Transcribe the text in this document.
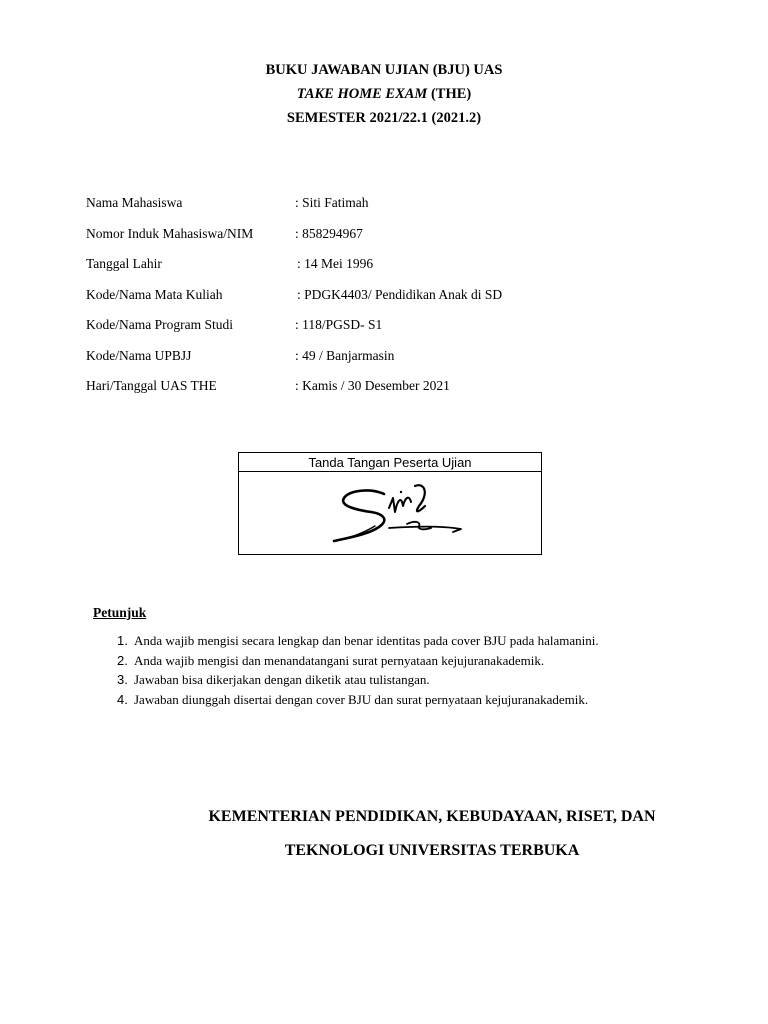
BUKU JAWABAN UJIAN (BJU) UAS
TAKE HOME EXAM (THE)
SEMESTER 2021/22.1 (2021.2)
Nama Mahasiswa	: Siti Fatimah
Nomor Induk Mahasiswa/NIM	: 858294967
Tanggal Lahir	: 14 Mei 1996
Kode/Nama Mata Kuliah	: PDGK4403/ Pendidikan Anak di SD
Kode/Nama Program Studi	: 118/PGSD- S1
Kode/Nama UPBJJ	: 49 / Banjarmasin
Hari/Tanggal UAS THE	: Kamis / 30 Desember 2021
Tanda Tangan Peserta Ujian
Petunjuk
1. Anda wajib mengisi secara lengkap dan benar identitas pada cover BJU pada halamanini.
2. Anda wajib mengisi dan menandatangani surat pernyataan kejujuranakademik.
3. Jawaban bisa dikerjakan dengan diketik atau tulistangan.
4. Jawaban diunggah disertai dengan cover BJU dan surat pernyataan kejujuranakademik.
KEMENTERIAN PENDIDIKAN, KEBUDAYAAN, RISET, DAN
TEKNOLOGI UNIVERSITAS TERBUKA
